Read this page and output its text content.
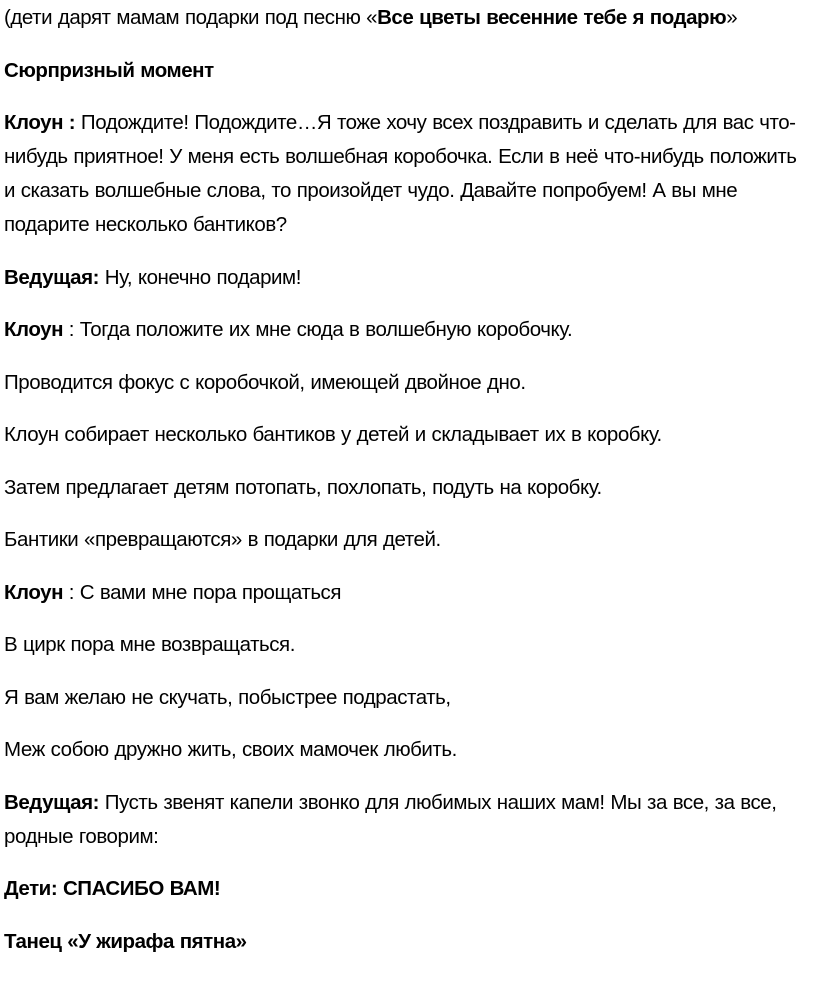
(дети дарят мамам подарки под песню «Все цветы весенние тебе я подарю»

Сюрпризный момент

Клоун : Подождите! Подождите…Я тоже хочу всех поздравить и сделать для вас что-нибудь приятное! У меня есть волшебная коробочка. Если в неё что-нибудь положить и сказать волшебные слова, то произойдет чудо. Давайте попробуем! А вы мне подарите несколько бантиков?

Ведущая: Ну, конечно подарим!

Клоун : Тогда положите их мне сюда в волшебную коробочку.

Проводится фокус с коробочкой, имеющей двойное дно.

Клоун собирает несколько бантиков у детей и складывает их в коробку.

Затем предлагает детям потопать, похлопать, подуть на коробку.

Бантики «превращаются» в подарки для детей.

Клоун : С вами мне пора прощаться

В цирк пора мне возвращаться.

Я вам желаю не скучать, побыстрее подрастать,

Меж собою дружно жить, своих мамочек любить.

Ведущая: Пусть звенят капели звонко для любимых наших мам! Мы за все, за все, родные говорим:

Дети: СПАСИБО ВАМ!

Танец «У жирафа пятна»
